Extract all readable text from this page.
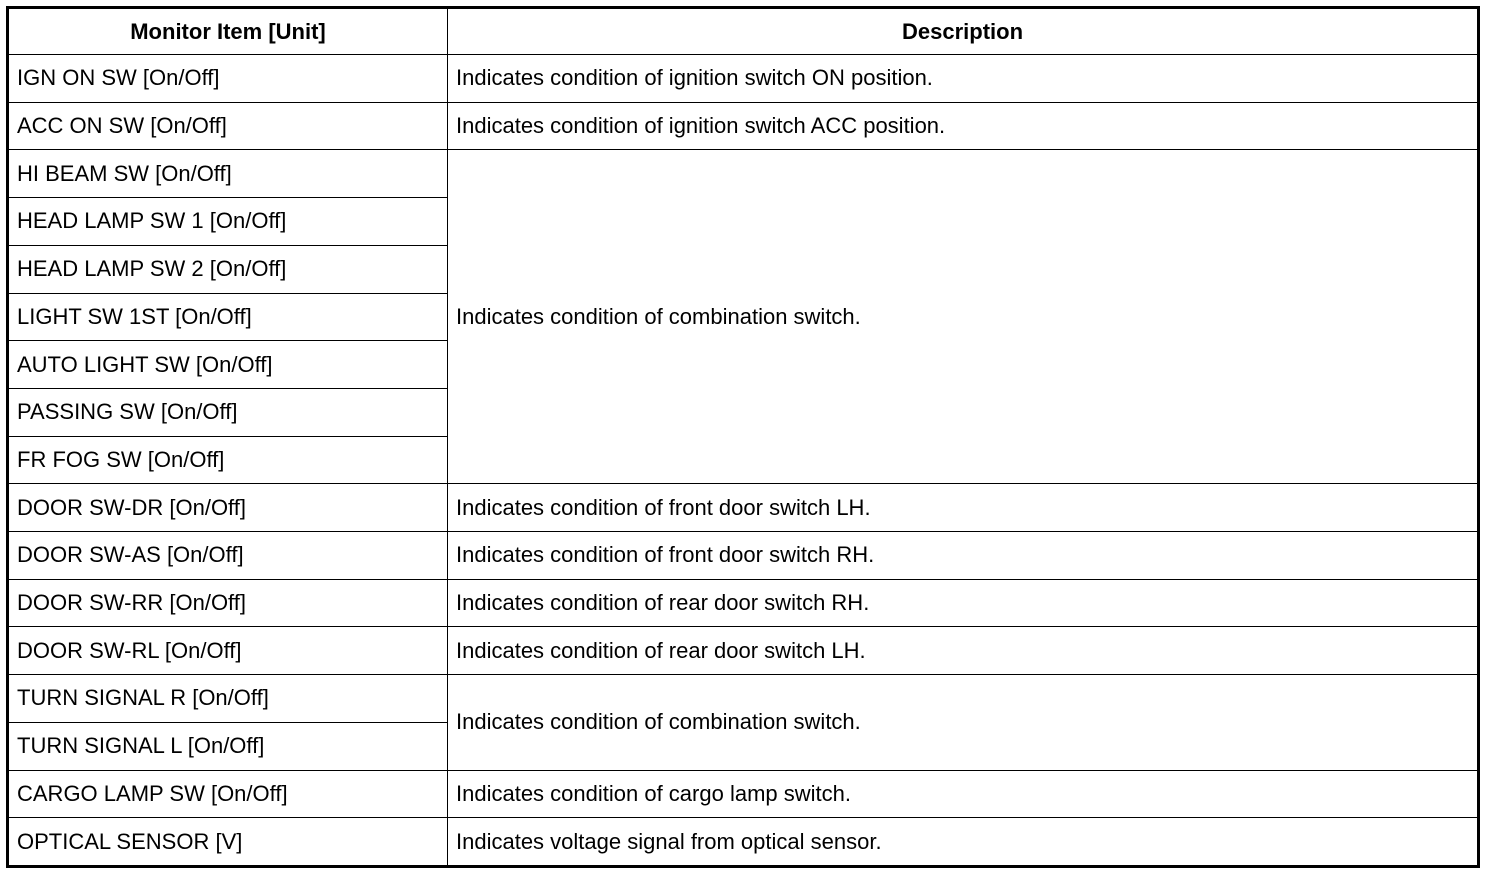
Monitor Item [Unit]	Description
IGN ON SW [On/Off]	Indicates condition of ignition switch ON position.
ACC ON SW [On/Off]	Indicates condition of ignition switch ACC position.
HI BEAM SW [On/Off]	Indicates condition of combination switch.
HEAD LAMP SW 1 [On/Off]	
HEAD LAMP SW 2 [On/Off]	
LIGHT SW 1ST [On/Off]	
AUTO LIGHT SW [On/Off]	
PASSING SW [On/Off]	
FR FOG SW [On/Off]	
DOOR SW-DR [On/Off]	Indicates condition of front door switch LH.
DOOR SW-AS [On/Off]	Indicates condition of front door switch RH.
DOOR SW-RR [On/Off]	Indicates condition of rear door switch RH.
DOOR SW-RL [On/Off]	Indicates condition of rear door switch LH.
TURN SIGNAL R [On/Off]	Indicates condition of combination switch.
TURN SIGNAL L [On/Off]	
CARGO LAMP SW [On/Off]	Indicates condition of cargo lamp switch.
OPTICAL SENSOR [V]	Indicates voltage signal from optical sensor.
